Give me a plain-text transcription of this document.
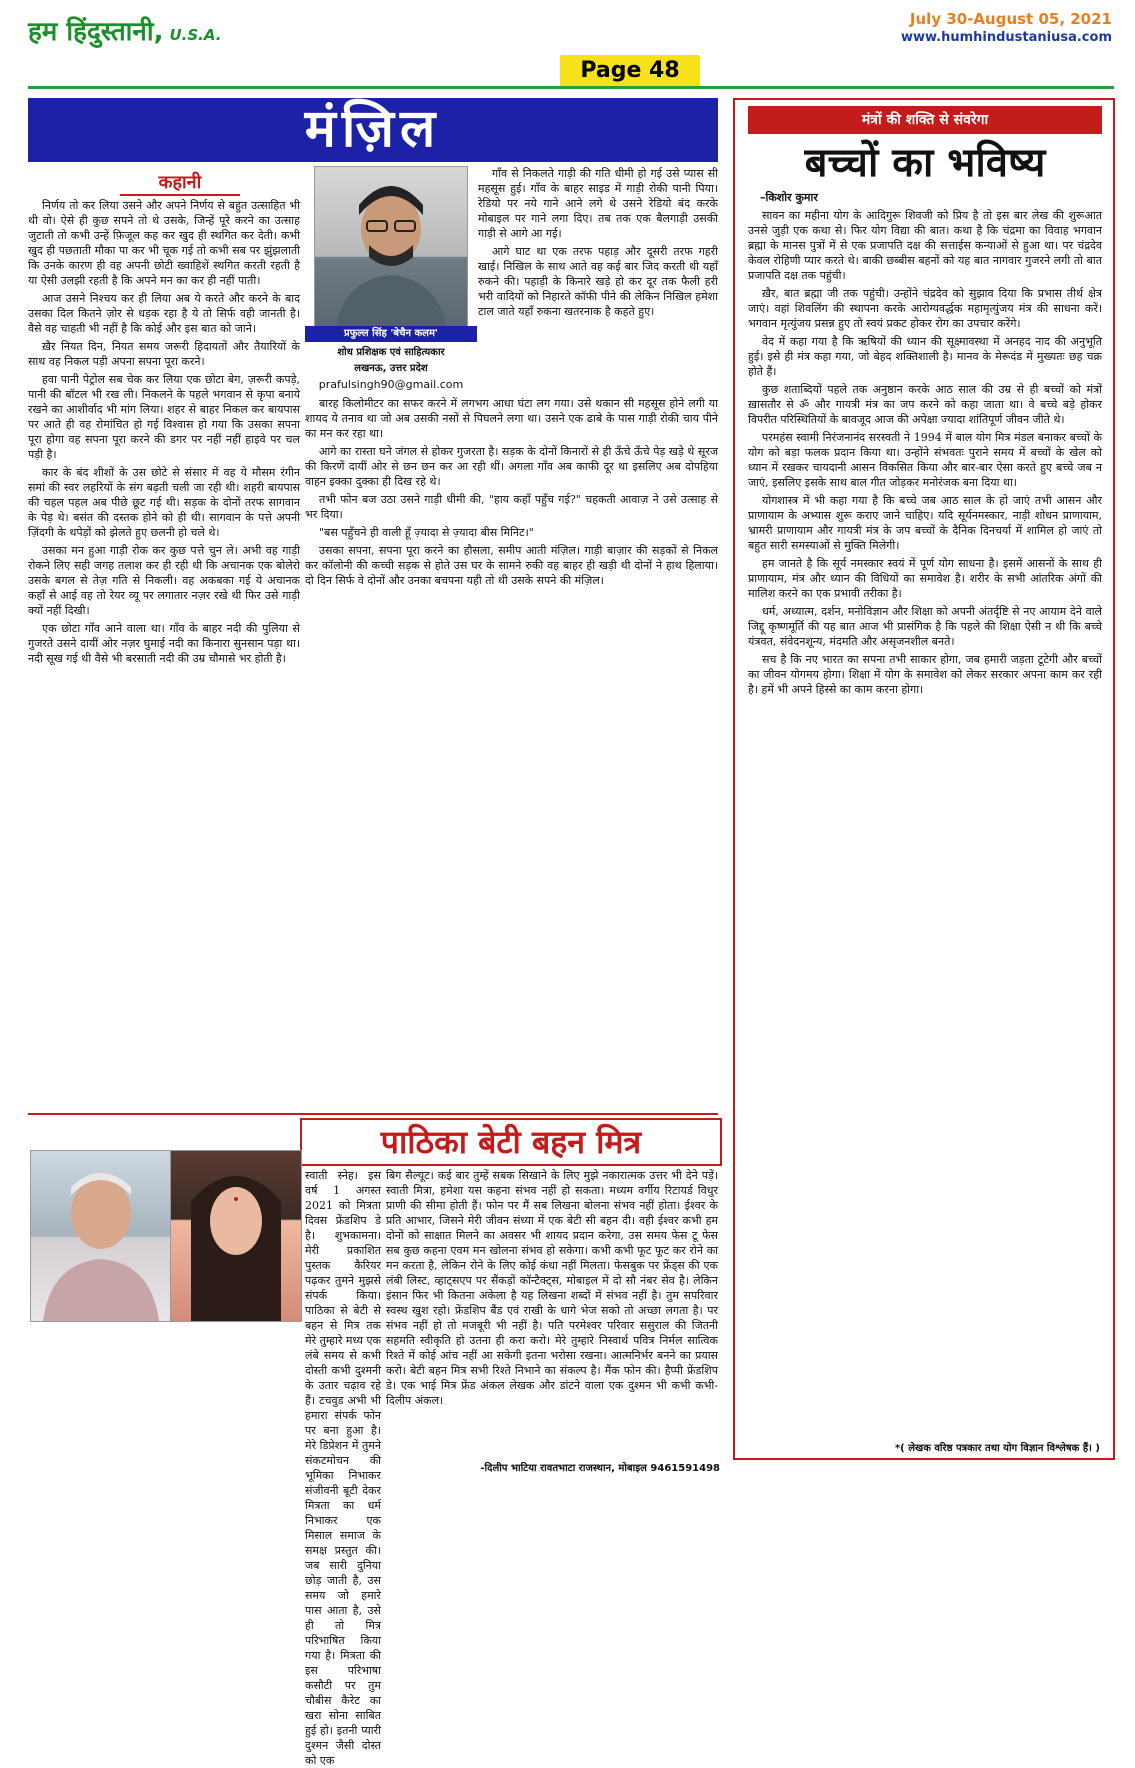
हम हिंदुस्तानी, U.S.A.
Page 48
July 30-August 05, 2021
www.humhindustaniusa.com
मंज़िल
कहानी
प्रफुल्ल सिंह 'बेचैन कलम'
शोध प्रशिक्षक एवं साहित्यकार
लखनऊ, उत्तर प्रदेश
prafulsingh90@gmail.com

निर्णय तो कर लिया उसने और अपने निर्णय से बहुत उत्साहित भी थी वो। ऐसे ही कुछ सपने तो थे उसके, जिन्हें पूरे करने का उत्साह जुटाती तो कभी उन्हें फ़िजूल कह कर खुद ही स्थगित कर देती। कभी खुद ही पछताती मौका पा कर भी चूक गई तो कभी सब पर झुंझलाती कि उनके कारण ही वह अपनी छोटी ख्वाहिशें स्थगित करती रहती है या ऐसी उलझी रहती है कि अपने मन का कर ही नहीं पाती।

आज उसने निश्चय कर ही लिया अब ये करते और करने के बाद उसका दिल कितने ज़ोर से धड़क रहा है ये तो सिर्फ वही जानती है। वैसे वह चाहती भी नहीं है कि कोई और इस बात को जाने।

ख़ैर नियत दिन, नियत समय जरूरी हिदायतों और तैयारियों के साथ वह निकल पड़ी अपना सपना पूरा करने।

हवा पानी पेट्रोल सब चेक कर लिया एक छोटा बेग, ज़रूरी कपड़े, पानी की बॉटल भी रख ली। निकलने के पहले भगवान से कृपा बनाये रखने का आशीर्वाद भी मांग लिया। शहर से बाहर निकल कर बायपास पर आते ही वह रोमांचित हो गई विश्वास हो गया कि उसका सपना पूरा होगा वह सपना पूरा करने की डगर पर नहीं नहीं हाइवे पर चल पड़ी है।

कार के बंद शीशों के उस छोटे से संसार में वह ये मौसम रंगीन समां की स्वर लहरियों के संग बढ़ती चली जा रही थी। शहरी बायपास की चहल पहल अब पीछे छूट गई थी। सड़क के दोनों तरफ सागवान के पेड़ थे। बसंत की दस्तक होने को ही थी। सागवान के पत्ते अपनी ज़िंदगी के थपेड़ों को झेलते हुए छलनी हो चले थे।

उसका मन हुआ गाड़ी रोक कर कुछ पत्ते चुन ले। अभी वह गाड़ी रोकने लिए सही जगह तलाश कर ही रही थी कि अचानक एक बोलेरो उसके बगल से तेज़ गति से निकली। वह अकबका गई ये अचानक कहाँ से आई वह तो रेयर व्यू पर लगातार नज़र रखे थी फिर उसे गाड़ी क्यों नहीं दिखी।

एक छोटा गाँव आने वाला था। गाँव के बाहर नदी की पुलिया से गुजरते उसने दायीं ओर नज़र घुमाई नदी का किनारा सुनसान पड़ा था। नदी सूख गई थी वैसे भी बरसाती नदी की उम्र चौमासे भर होती है।

गाँव से निकलते गाड़ी की गति धीमी हो गई उसे प्यास सी महसूस हुई। गाँव के बाहर साइड में गाड़ी रोकी पानी पिया। रेडियो पर नये गाने आने लगे थे उसने रेडियो बंद करके मोबाइल पर गाने लगा दिए। तब तक एक बैलगाड़ी उसकी गाड़ी से आगे आ गई।

आगे घाट था एक तरफ पहाड़ और दूसरी तरफ गहरी खाई। निखिल के साथ आते वह कई बार जिद करती थी यहाँ रुकने की। पहाड़ी के किनारे खड़े हो कर दूर तक फैली हरी भरी वादियों को निहारते कॉफी पीने की लेकिन निखिल हमेशा टाल जाते यहाँ रुकना खतरनाक है कहते हुए।

बारह किलोमीटर का सफर करने में लगभग आधा घंटा लग गया। उसे थकान सी महसूस होने लगी या शायद ये तनाव था जो अब उसकी नसों से पिघलने लगा था। उसने एक ढाबे के पास गाड़ी रोकी चाय पीने का मन कर रहा था।

आगे का रास्ता घने जंगल से होकर गुजरता है। सड़क के दोनों किनारों से ही ऊँचे ऊँचे पेड़ खड़े थे सूरज की किरणें दायीं ओर से छन छन कर आ रही थीं। अगला गाँव अब काफी दूर था इसलिए अब दोपहिया वाहन इक्का दुक्का ही दिख रहे थे।

तभी फोन बज उठा उसने गाड़ी धीमी की, "हाय कहाँ पहुँच गई?" चहकती आवाज़ ने उसे उत्साह से भर दिया।

"बस पहुँचने ही वाली हूँ ज़्यादा से ज़्यादा बीस मिनिट।"

उसका सपना, सपना पूरा करने का हौसला, समीप आती मंज़िल। गाड़ी बाज़ार की सड़कों से निकल कर कॉलोनी की कच्ची सड़क से होते उस घर के सामने रुकी वह बाहर ही खड़ी थी दोनों ने हाथ हिलाया। दो दिन सिर्फ वे दोनों और उनका बचपना यही तो थी उसके सपने की मंज़िल।

पाठिका बेटी बहन मित्र

स्वाती स्नेह। इस वर्ष 1 अगस्त 2021 को मित्रता दिवस फ्रेंडशिप डे है। शुभकामना। मेरी प्रकाशित पुस्तक कैरियर पढ़कर तुमने मुझसे संपर्क किया। पाठिका से बेटी से बहन से मित्र तक मेरे तुम्हारे मध्य एक लंबे समय से कभी दोस्ती कभी दुश्मनी के उतार चढ़ाव रहे हैं। टचवुड अभी भी हमारा संपर्क फोन पर बना हुआ है। मेरे डिप्रेशन में तुमने संकटमोचन की भूमिका निभाकर संजीवनी बूटी देकर मित्रता का धर्म निभाकर एक मिसाल समाज के समक्ष प्रस्तुत की। जब सारी दुनिया छोड़ जाती है, उस समय जो हमारे पास आता है, उसे ही तो मित्र परिभाषित किया गया है। मित्रता की इस परिभाषा कसौटी पर तुम चौबीस कैरेट का खरा सोना साबित हुई हो। इतनी प्यारी दुश्मन जैसी दोस्त को एक

बिग सैल्यूट। कई बार तुम्हें सबक सिखाने के लिए मुझे नकारात्मक उत्तर भी देने पड़ें। स्वाती मित्रा, हमेशा यस कहना संभव नहीं हो सकता। मध्यम वर्गीय रिटायर्ड विधुर प्राणी की सीमा होती हैं। फोन पर मैं सब लिखना बोलना संभव नहीं होता। ईश्वर के प्रति आभार, जिसने मेरी जीवन संध्या में एक बेटी सी बहन दी। वही ईश्वर कभी हम दोनों को साक्षात मिलने का अवसर भी शायद प्रदान करेगा, उस समय फेस टू फेस सब कुछ कहना एवम मन खोलना संभव हो सकेगा। कभी कभी फूट फूट कर रोने का मन करता है, लेकिन रोने के लिए कोई कंधा नहीं मिलता। फेसबुक पर फ्रेंड्स की एक लंबी लिस्ट, व्हाट्सएप पर सैंकड़ों कॉन्टैक्ट्स, मोबाइल में दो सौ नंबर सेव है। लेकिन इंसान फिर भी कितना अकेला है यह लिखना शब्दों में संभव नहीं है। तुम सपरिवार स्वस्थ खुश रहो। फ्रेंडशिप बैंड एवं राखी के धागे भेज सको तो अच्छा लगता है। पर संभव नहीं हो तो मजबूरी भी नहीं है। पति परमेश्वर परिवार ससुराल की जितनी सहमति स्वीकृति हो उतना ही करा करो। मेरे तुम्हारे निस्वार्थ पवित्र निर्मल सात्विक रिश्ते में कोई आंच नहीं आ सकेगी इतना भरोसा रखना। आत्मनिर्भर बनने का प्रयास करो। बेटी बहन मित्र सभी रिश्ते निभाने का संकल्प है। मैंक फोन की। हैप्पी फ्रेंडशिप डे। एक भाई मित्र फ्रेंड अंकल लेखक और डांटने वाला एक दुश्मन भी कभी कभी-दिलीप अंकल।

-दिलीप भाटिया रावतभाटा राजस्थान, मोबाइल 9461591498
मंत्रों की शक्ति से संवरेगा
बच्चों का भविष्य
–किशोर कुमार

सावन का महीना योग के आदिगुरू शिवजी को प्रिय है तो इस बार लेख की शुरूआत उनसे जुड़ी एक कथा से। फिर योग विद्या की बात। कथा है कि चंद्रमा का विवाह भगवान ब्रह्मा के मानस पुत्रों में से एक प्रजापति दक्ष की सत्ताईस कन्याओं से हुआ था। पर चंद्रदेव केवल रोहिणी प्यार करते थे। बाकी छब्बीस बहनों को यह बात नागवार गुजरने लगी तो बात प्रजापति दक्ष तक पहुंची।

ख़ैर, बात ब्रह्मा जी तक पहुंची। उन्होंने चंद्रदेव को सुझाव दिया कि प्रभास तीर्थ क्षेत्र जाएं। वहां शिवलिंग की स्थापना करके आरोग्यवर्द्धक महामृत्युंजय मंत्र की साधना करें। भगवान मृत्युंजय प्रसन्न हुए तो स्वयं प्रकट होकर रोग का उपचार करेंगे।

वेद में कहा गया है कि ऋषियों की ध्यान की सूक्ष्मावस्था में अनहद नाद की अनुभूति हुई। इसे ही मंत्र कहा गया, जो बेहद शक्तिशाली है। मानव के मेरूदंड में मुख्यतः छह चक्र होते हैं।

कुछ शताब्दियों पहले तक अनुष्ठान करके आठ साल की उम्र से ही बच्चों को मंत्रों ख़ासतौर से ॐ और गायत्री मंत्र का जप करने को कहा जाता था। वे बच्चे बड़े होकर विपरीत परिस्थितियों के बावजूद आज की अपेक्षा ज्यादा शांतिपूर्ण जीवन जीते थे।

परमहंस स्वामी निरंजनानंद सरस्वती ने 1994 में बाल योग मित्र मंडल बनाकर बच्चों के योग को बड़ा फलक प्रदान किया था। उन्होंने संभवतः पुराने समय में बच्चों के खेल को ध्यान में रखकर चायदानी आसन विकसित किया और बार-बार ऐसा करते हुए बच्चे जब न जाएं, इसलिए इसके साथ बाल गीत जोड़कर मनोरंजक बना दिया था।

योगशास्त्र में भी कहा गया है कि बच्चे जब आठ साल के हो जाएं तभी आसन और प्राणायाम के अभ्यास शुरू कराए जाने चाहिए। यदि सूर्यनमस्कार, नाड़ी शोधन प्राणायाम, भ्रामरी प्राणायाम और गायत्री मंत्र के जप बच्चों के दैनिक दिनचर्या में शामिल हो जाएं तो बहुत सारी समस्याओं से मुक्ति मिलेगी।

हम जानते है कि सूर्य नमस्कार स्वयं में पूर्ण योग साधना है। इसमें आसनों के साथ ही प्राणायाम, मंत्र और ध्यान की विधियों का समावेश है। शरीर के सभी आंतरिक अंगों की मालिश करने का एक प्रभावी तरीका है।

धर्म, अध्यात्म, दर्शन, मनोविज्ञान और शिक्षा को अपनी अंतर्दृष्टि से नए आयाम देने वाले जिद्दू कृष्णमूर्ति की यह बात आज भी प्रासंगिक है कि पहले की शिक्षा ऐसी न थी कि बच्चे यंत्रवत, संवेदनशून्य, मंदमति और असृजनशील बनते।

सच है कि नए भारत का सपना तभी साकार होगा, जब हमारी जड़ता टूटेगी और बच्चों का जीवन योगमय होगा। शिक्षा में योग के समावेश को लेकर सरकार अपना काम कर रही है। हमें भी अपने हिस्से का काम करना होगा।

*( लेखक वरिष्ठ पत्रकार तथा योग विज्ञान विश्लेषक हैं। )
